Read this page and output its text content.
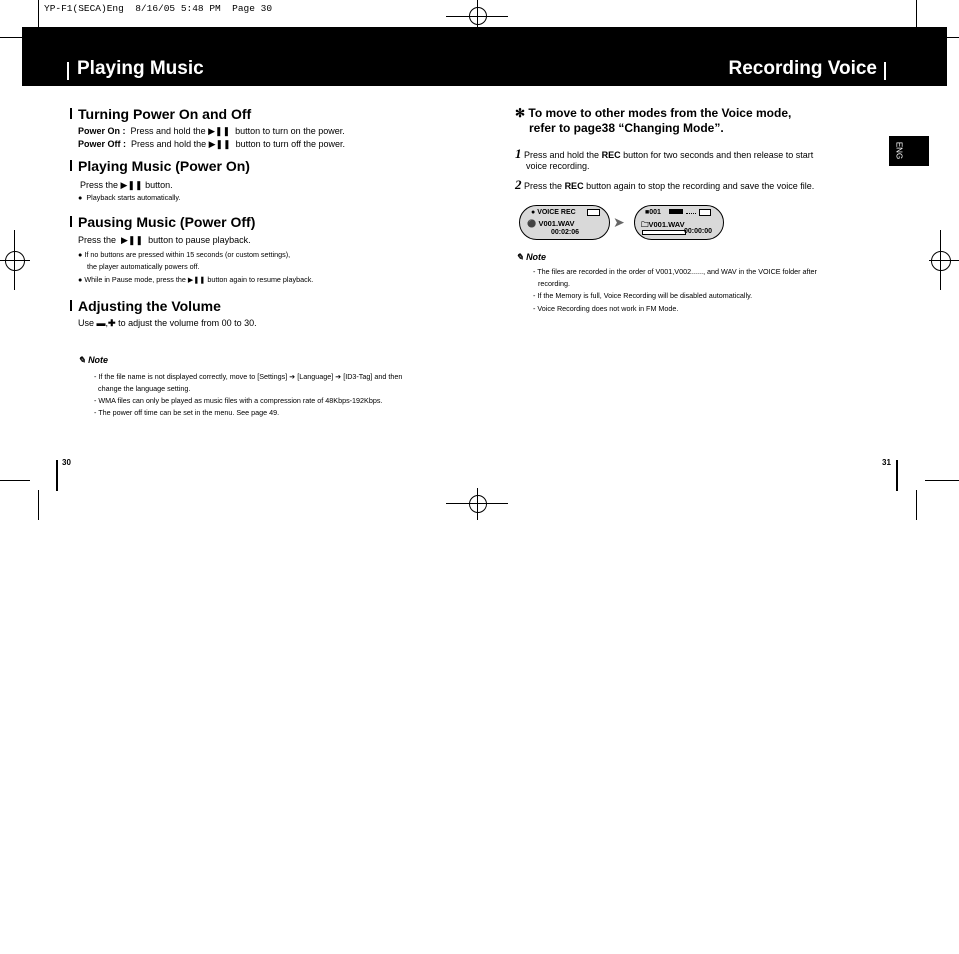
YP-F1(SECA)Eng  8/16/05 5:48 PM  Page 30
Playing Music	Recording Voice
ENG
Turning Power On and Off
Power On : Press and hold the ▶❚❚ button to turn on the power.
Power Off : Press and hold the ▶❚❚ button to turn off the power.
Playing Music (Power On)
Press the ▶❚❚ button.
●  Playback starts automatically.
Pausing Music (Power Off)
Press the ▶❚❚ button to pause playback.
● If no buttons are pressed within 15 seconds (or custom settings),
the player automatically powers off.
● While in Pause mode, press the ▶❚❚ button again to resume playback.
Adjusting the Volume
Use ▬,✚ to adjust the volume from 00 to 30.
✎ Note
- If the file name is not displayed correctly, move to [Settings] ➔ [Language] ➔ [ID3-Tag] and then
change the language setting.
- WMA files can only be played as music files with a compression rate of 48Kbps-192Kbps.
- The power off time can be set in the menu. See page 49.
✻ To move to other modes from the Voice mode,
refer to page38 “Changing Mode”.
1 Press and hold the REC button for two seconds and then release to start
voice recording.
2 Press the REC button again to stop the recording and save the voice file.
● VOICE REC
⚫ V001.WAV
00:02:06
➤
■001
🗀V001.WAV
00:00:00
✎ Note
- The files are recorded in the order of V001,V002......, and WAV in the VOICE folder after
recording.
- If the Memory is full, Voice Recording will be disabled automatically.
- Voice Recording does not work in FM Mode.
30	31
